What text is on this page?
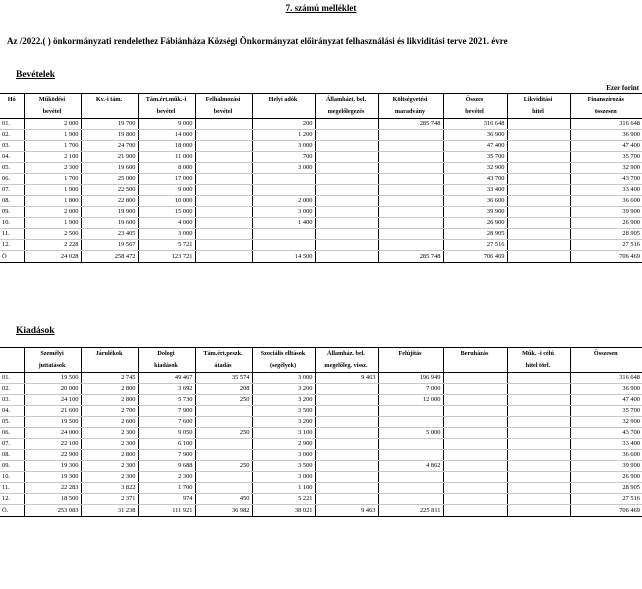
7. számú melléklet
Az /2022.( ) önkormányzati rendelethez Fábiánháza Községi Önkormányzat előirányzat felhasználási és likviditási terve 2021. évre
Bevételek
Ezer forint
Hó	Működési	Kv.-i tám.	Tám.ért.műk.-i	Felhalmozási	Helyi adók	Államházt. bel.	Költségvetési	Összes	Likviditási	Finanszírozás
	bevétel		bevétel	bevétel		megelőlegezés	maradvány	bevétel	hitel	összesen
01.	2 000	19 700	9 000		200		285 748	316 648		316 648
02.	1 900	19 800	14 000		1 200			36 900		36 900
03.	1 700	24 700	18 000		3 000			47 400		47 400
04.	2 100	21 900	11 000		700			35 700		35 700
05.	2 300	19 600	8 000		3 000			32 900		32 900
06.	1 700	25 000	17 000					43 700		43 700
07.	1 900	22 500	9 000					33 400		33 400
08.	1 800	22 800	10 000		2 000			36 600		36 600
09.	2 000	19 900	15 000		3 000			39 900		39 900
10.	1 900	19 600	4 000		1 400			26 900		26 900
11.	2 500	23 405	3 000					28 905		28 905
12.	2 228	19 567	5 721					27 516		27 516
Ö	24 028	258 472	123 721		14 500		285 748	706 469		706 469
Kiadások
	Személyi	Járulékok	Dologi	Tám.ért.peszk.	Szociális elltások	Államház. bel.	Felújítás	Beruházás	Műk. -i célú	Összesen
	juttatások		kiadások	átadás	(segélyek)	megelőleg. vissz.			hitel törl.	
01.	19 500	2 745	49 467	35 574	3 000	9 463	196 949			316 648
02.	20 000	2 800	3 692	208	3 200		7 000			36 900
03.	24 100	2 800	5 730	250	3 200		12 000			47 400
04.	21 600	2 700	7 900		3 500					35 700
05.	19 500	2 600	7 600		3 200					32 900
06.	24 000	2 300	9 050	250	3 100		5 000			43 700
07.	22 100	2 300	6 100		2 900					33 400
08.	22 900	2 800	7 900		3 000					36 600
09.	19 300	2 300	9 688	250	3 500		4 862			39 900
10.	19 300	2 300	2 300		3 000					26 900
11.	22 283	3 822	1 700		1 100					28 905
12.	18 500	2 371	974	450	5 221					27 516
Ö.	253 083	31 238	111 921	36 982	38 021	9 463	225 811			706 469
